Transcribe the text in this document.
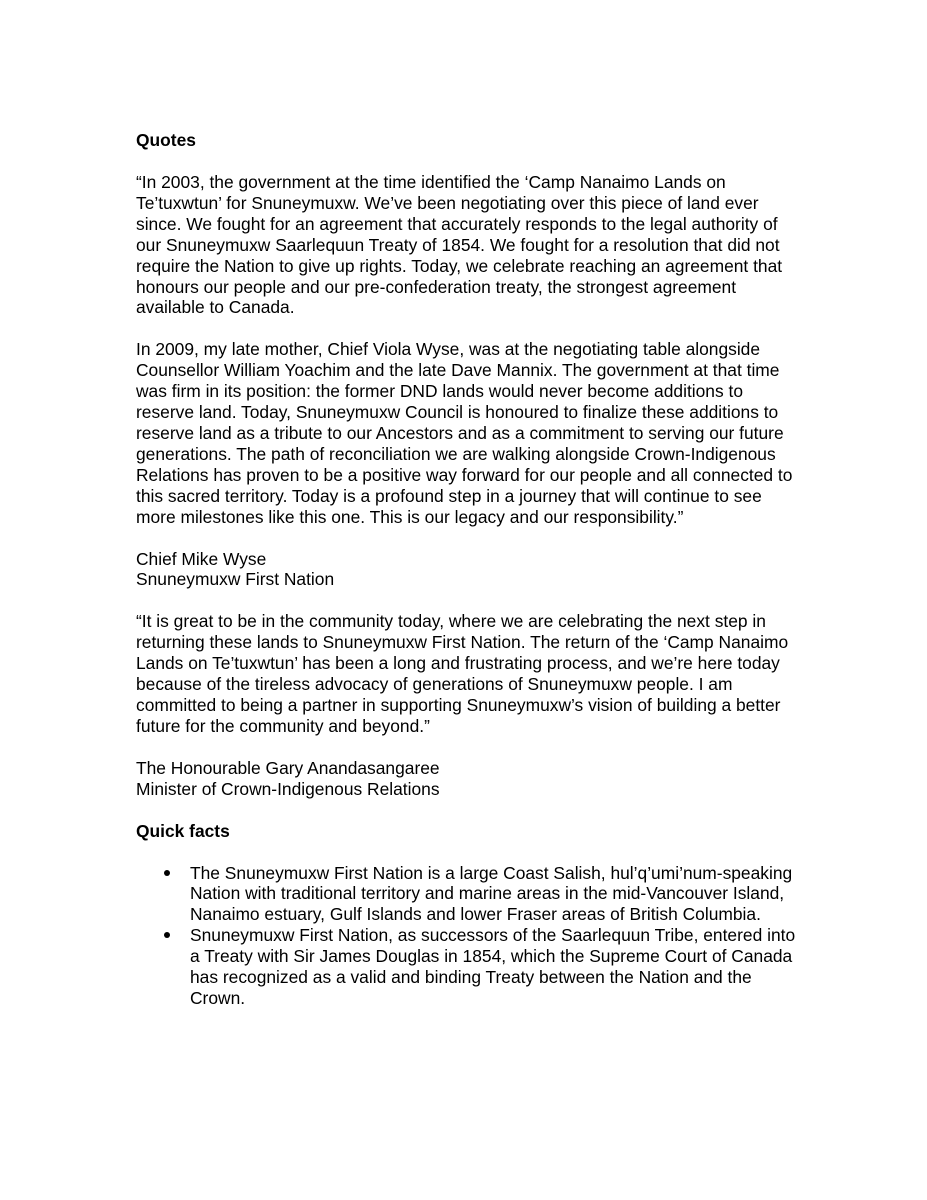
Quotes

“In 2003, the government at the time identified the ‘Camp Nanaimo Lands on Te’tuxwtun’ for Snuneymuxw. We’ve been negotiating over this piece of land ever since. We fought for an agreement that accurately responds to the legal authority of our Snuneymuxw Saarlequun Treaty of 1854. We fought for a resolution that did not require the Nation to give up rights. Today, we celebrate reaching an agreement that honours our people and our pre-confederation treaty, the strongest agreement available to Canada.

In 2009, my late mother, Chief Viola Wyse, was at the negotiating table alongside Counsellor William Yoachim and the late Dave Mannix. The government at that time was firm in its position: the former DND lands would never become additions to reserve land. Today, Snuneymuxw Council is honoured to finalize these additions to reserve land as a tribute to our Ancestors and as a commitment to serving our future generations. The path of reconciliation we are walking alongside Crown-Indigenous Relations has proven to be a positive way forward for our people and all connected to this sacred territory. Today is a profound step in a journey that will continue to see more milestones like this one. This is our legacy and our responsibility.”

Chief Mike Wyse

Snuneymuxw First Nation

“It is great to be in the community today, where we are celebrating the next step in returning these lands to Snuneymuxw First Nation. The return of the ‘Camp Nanaimo Lands on Te’tuxwtun’ has been a long and frustrating process, and we’re here today because of the tireless advocacy of generations of Snuneymuxw people. I am committed to being a partner in supporting Snuneymuxw’s vision of building a better future for the community and beyond.”

The Honourable Gary Anandasangaree

Minister of Crown-Indigenous Relations

Quick facts
The Snuneymuxw First Nation is a large Coast Salish, hul’q’umi’num-speaking Nation with traditional territory and marine areas in the mid-Vancouver Island, Nanaimo estuary, Gulf Islands and lower Fraser areas of British Columbia.
Snuneymuxw First Nation, as successors of the Saarlequun Tribe, entered into a Treaty with Sir James Douglas in 1854, which the Supreme Court of Canada has recognized as a valid and binding Treaty between the Nation and the Crown.
